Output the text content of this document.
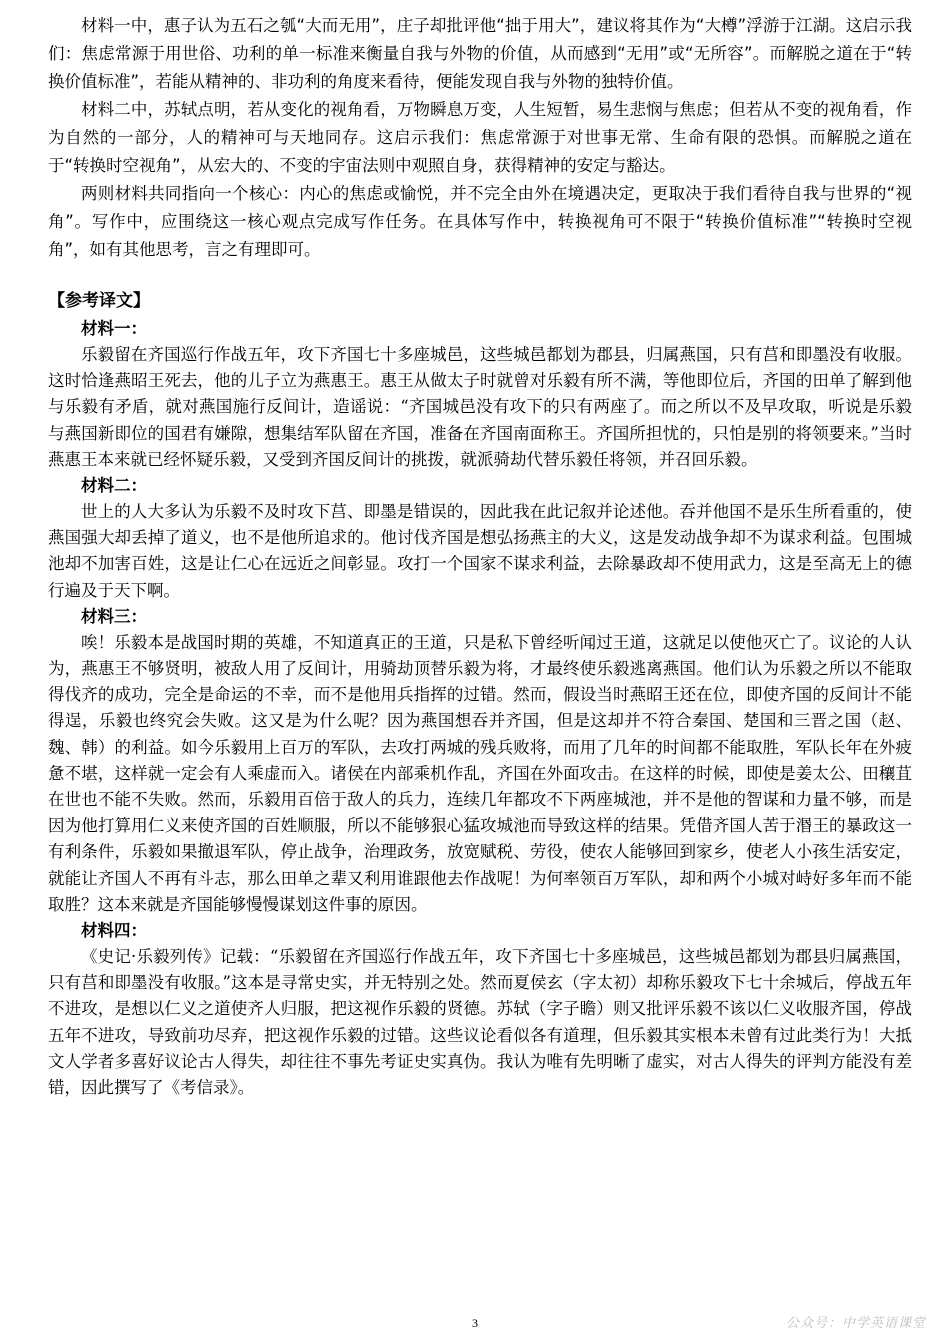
材料一中，惠子认为五石之瓠“大而无用”，庄子却批评他“拙于用大”，建议将其作为“大樽”浮游于江湖。这启示我们：焦虑常源于用世俗、功利的单一标准来衡量自我与外物的价值，从而感到“无用”或“无所容”。而解脱之道在于“转换价值标准”，若能从精神的、非功利的角度来看待，便能发现自我与外物的独特价值。

材料二中，苏轼点明，若从变化的视角看，万物瞬息万变，人生短暂，易生悲悯与焦虑；但若从不变的视角看，作为自然的一部分，人的精神可与天地同存。这启示我们：焦虑常源于对世事无常、生命有限的恐惧。而解脱之道在于“转换时空视角”，从宏大的、不变的宇宙法则中观照自身，获得精神的安定与豁达。

两则材料共同指向一个核心：内心的焦虑或愉悦，并不完全由外在境遇决定，更取决于我们看待自我与世界的“视角”。写作中，应围绕这一核心观点完成写作任务。在具体写作中，转换视角可不限于“转换价值标准”“转换时空视角”，如有其他思考，言之有理即可。

【参考译文】

材料一：

乐毅留在齐国巡行作战五年，攻下齐国七十多座城邑，这些城邑都划为郡县，归属燕国，只有莒和即墨没有收服。这时恰逢燕昭王死去，他的儿子立为燕惠王。惠王从做太子时就曾对乐毅有所不满，等他即位后，齐国的田单了解到他与乐毅有矛盾，就对燕国施行反间计，造谣说：“齐国城邑没有攻下的只有两座了。而之所以不及早攻取，听说是乐毅与燕国新即位的国君有嫌隙，想集结军队留在齐国，准备在齐国南面称王。齐国所担忧的，只怕是别的将领要来。”当时燕惠王本来就已经怀疑乐毅，又受到齐国反间计的挑拨，就派骑劫代替乐毅任将领，并召回乐毅。

材料二：

世上的人大多认为乐毅不及时攻下莒、即墨是错误的，因此我在此记叙并论述他。吞并他国不是乐生所看重的，使燕国强大却丢掉了道义，也不是他所追求的。他讨伐齐国是想弘扬燕主的大义，这是发动战争却不为谋求利益。包围城池却不加害百姓，这是让仁心在远近之间彰显。攻打一个国家不谋求利益，去除暴政却不使用武力，这是至高无上的德行遍及于天下啊。

材料三：

唉！乐毅本是战国时期的英雄，不知道真正的王道，只是私下曾经听闻过王道，这就足以使他灭亡了。议论的人认为，燕惠王不够贤明，被敌人用了反间计，用骑劫顶替乐毅为将，才最终使乐毅逃离燕国。他们认为乐毅之所以不能取得伐齐的成功，完全是命运的不幸，而不是他用兵指挥的过错。然而，假设当时燕昭王还在位，即使齐国的反间计不能得逞，乐毅也终究会失败。这又是为什么呢？因为燕国想吞并齐国，但是这却并不符合秦国、楚国和三晋之国（赵、魏、韩）的利益。如今乐毅用上百万的军队，去攻打两城的残兵败将，而用了几年的时间都不能取胜，军队长年在外疲惫不堪，这样就一定会有人乘虚而入。诸侯在内部乘机作乱，齐国在外面攻击。在这样的时候，即使是姜太公、田穰苴在世也不能不失败。然而，乐毅用百倍于敌人的兵力，连续几年都攻不下两座城池，并不是他的智谋和力量不够，而是因为他打算用仁义来使齐国的百姓顺服，所以不能够狠心猛攻城池而导致这样的结果。凭借齐国人苦于湣王的暴政这一有利条件，乐毅如果撤退军队，停止战争，治理政务，放宽赋税、劳役，使农人能够回到家乡，使老人小孩生活安定，就能让齐国人不再有斗志，那么田单之辈又利用谁跟他去作战呢！为何率领百万军队，却和两个小城对峙好多年而不能取胜？这本来就是齐国能够慢慢谋划这件事的原因。

材料四：

《史记·乐毅列传》记载：“乐毅留在齐国巡行作战五年，攻下齐国七十多座城邑，这些城邑都划为郡县归属燕国，只有莒和即墨没有收服。”这本是寻常史实，并无特别之处。然而夏侯玄（字太初）却称乐毅攻下七十余城后，停战五年不进攻，是想以仁义之道使齐人归服，把这视作乐毅的贤德。苏轼（字子瞻）则又批评乐毅不该以仁义收服齐国，停战五年不进攻，导致前功尽弃，把这视作乐毅的过错。这些议论看似各有道理，但乐毅其实根本未曾有过此类行为！大抵文人学者多喜好议论古人得失，却往往不事先考证史实真伪。我认为唯有先明晰了虚实，对古人得失的评判方能没有差错，因此撰写了《考信录》。

3	公众号：中学英语课堂
